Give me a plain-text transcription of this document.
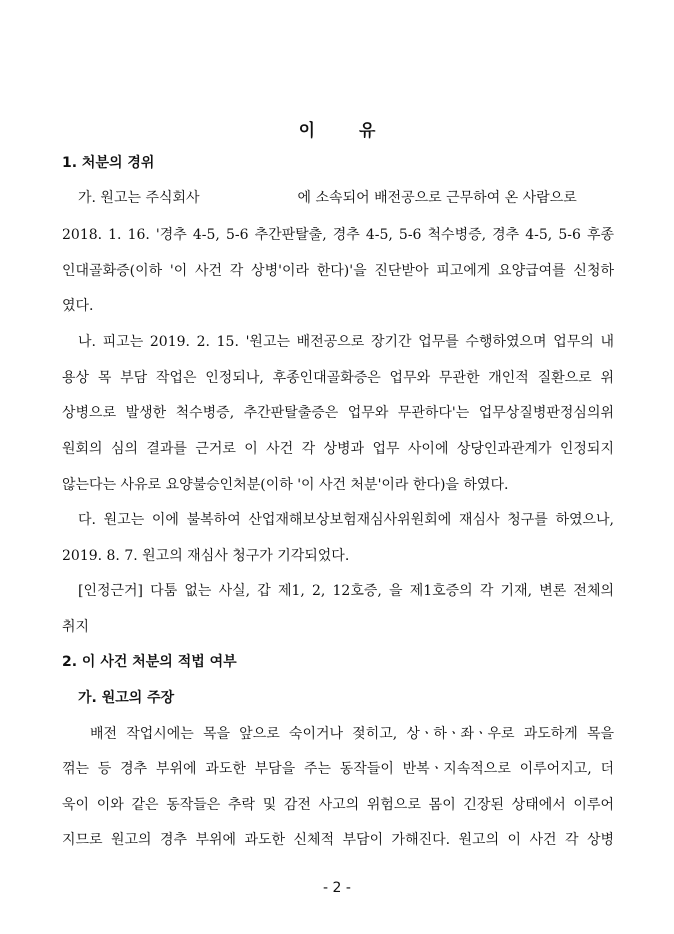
이	유
1. 처분의 경위
가. 원고는 주식회사	에 소속되어 배전공으로 근무하여 온 사람으로
2018. 1. 16. '경추 4-5, 5-6 추간판탈출, 경추 4-5, 5-6 척수병증, 경추 4-5, 5-6 후종
인대골화증(이하 '이 사건 각 상병'이라 한다)'을 진단받아 피고에게 요양급여를 신청하
였다.
나. 피고는 2019. 2. 15. '원고는 배전공으로 장기간 업무를 수행하였으며 업무의 내
용상 목 부담 작업은 인정되나, 후종인대골화증은 업무와 무관한 개인적 질환으로 위
상병으로 발생한 척수병증, 추간판탈출증은 업무와 무관하다'는 업무상질병판정심의위
원회의 심의 결과를 근거로 이 사건 각 상병과 업무 사이에 상당인과관계가 인정되지
않는다는 사유로 요양불승인처분(이하 '이 사건 처분'이라 한다)을 하였다.
다. 원고는 이에 불복하여 산업재해보상보험재심사위원회에 재심사 청구를 하였으나,
2019. 8. 7. 원고의 재심사 청구가 기각되었다.
[인정근거] 다툼 없는 사실, 갑 제1, 2, 12호증, 을 제1호증의 각 기재, 변론 전체의
취지
2. 이 사건 처분의 적법 여부
가. 원고의 주장
배전 작업시에는 목을 앞으로 숙이거나 젖히고, 상ㆍ하ㆍ좌ㆍ우로 과도하게 목을
꺾는 등 경추 부위에 과도한 부담을 주는 동작들이 반복ㆍ지속적으로 이루어지고, 더
욱이 이와 같은 동작들은 추락 및 감전 사고의 위험으로 몸이 긴장된 상태에서 이루어
지므로 원고의 경추 부위에 과도한 신체적 부담이 가해진다. 원고의 이 사건 각 상병
- 2 -
